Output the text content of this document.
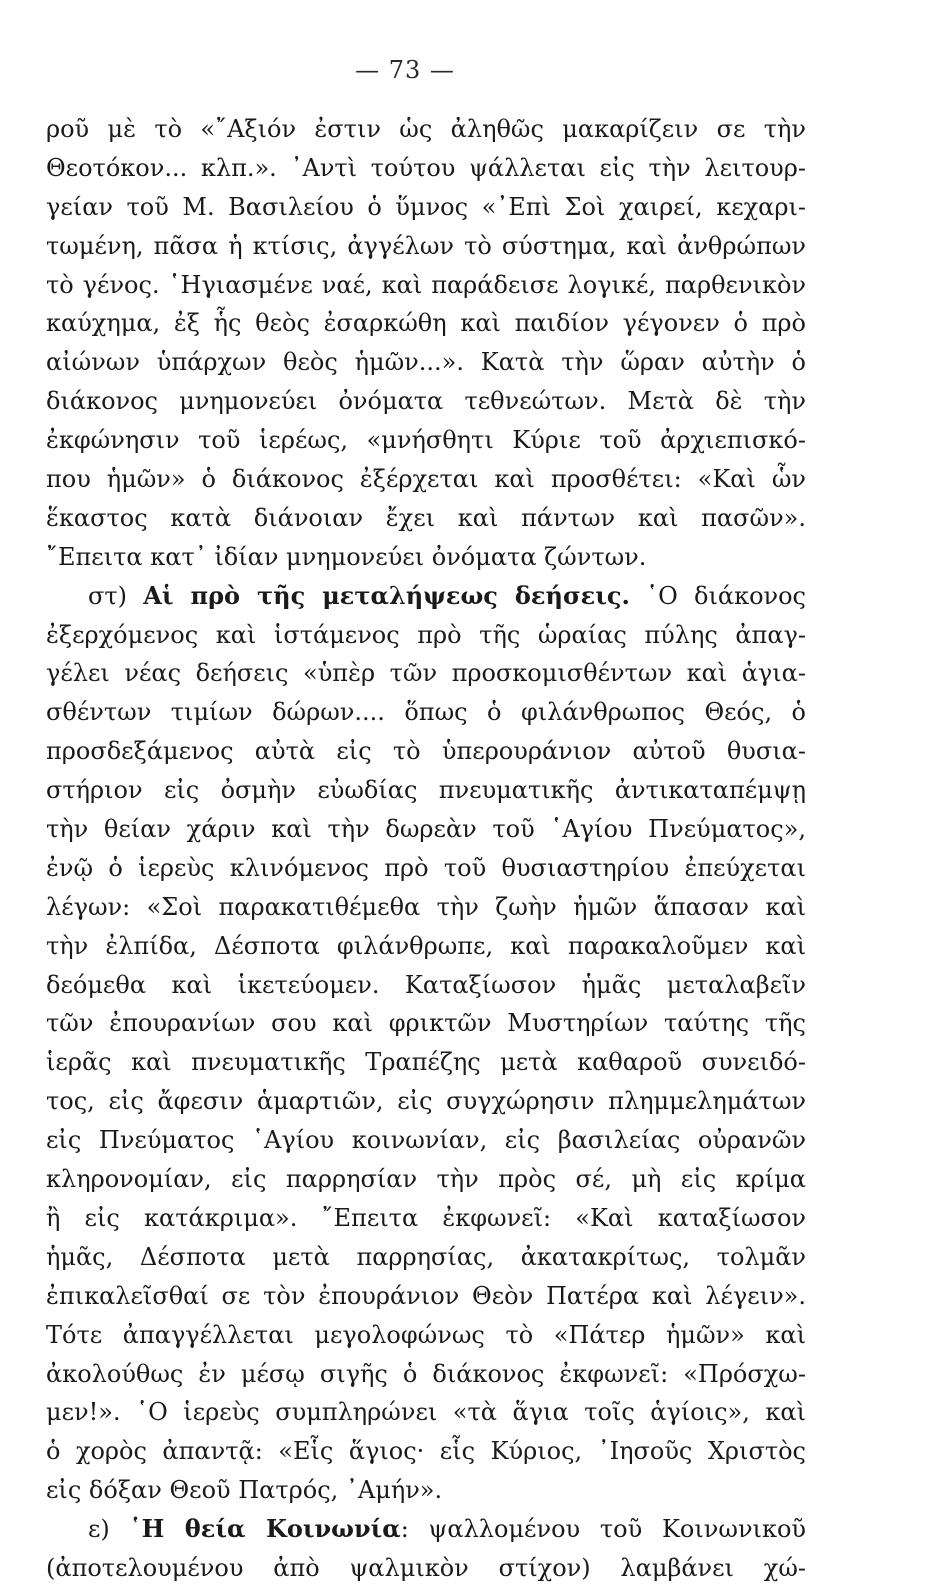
— 73 —
ροῦ μὲ τὸ «῎Αξιόν ἐστιν ὡς ἀληθῶς μακαρίζειν σε τὴν
Θεοτόκον... κλπ.». ᾿Αντὶ τούτου ψάλλεται εἰς τὴν λειτουρ-
γείαν τοῦ Μ. Βασιλείου ὁ ὕμνος «᾿Επὶ Σοὶ χαιρεί, κεχαρι-
τωμένη, πᾶσα ἡ κτίσις, ἀγγέλων τὸ σύστημα, καὶ ἀνθρώπων
τὸ γένος. ῾Ηγιασμένε ναέ, καὶ παράδεισε λογικέ, παρθενικὸν
καύχημα, ἐξ ἧς θεὸς ἐσαρκώθη καὶ παιδίον γέγονεν ὁ πρὸ
αἰώνων ὑπάρχων θεὸς ἡμῶν...». Κατὰ τὴν ὥραν αὐτὴν ὁ
διάκονος μνημονεύει ὀνόματα τεθνεώτων. Μετὰ δὲ τὴν
ἐκφώνησιν τοῦ ἱερέως, «μνήσθητι Κύριε τοῦ ἀρχιεπισκό-
που ἡμῶν» ὁ διάκονος ἐξέρχεται καὶ προσθέτει: «Καὶ ὧν
ἕκαστος κατὰ διάνοιαν ἔχει καὶ πάντων καὶ πασῶν».
῎Επειτα κατ᾿ ἰδίαν μνημονεύει ὀνόματα ζώντων.
στ) Αἱ πρὸ τῆς μεταλήψεως δεήσεις. ῾Ο διάκονος
ἐξερχόμενος καὶ ἱστάμενος πρὸ τῆς ὡραίας πύλης ἀπαγ-
γέλει νέας δεήσεις «ὑπὲρ τῶν προσκομισθέντων καὶ ἁγια-
σθέντων τιμίων δώρων.... ὅπως ὁ φιλάνθρωπος Θεός, ὁ
προσδεξάμενος αὐτὰ εἰς τὸ ὑπερουράνιον αὐτοῦ θυσια-
στήριον εἰς ὀσμὴν εὐωδίας πνευματικῆς ἀντικαταπέμψῃ
τὴν θείαν χάριν καὶ τὴν δωρεὰν τοῦ ῾Αγίου Πνεύματος»,
ἐνῷ ὁ ἱερεὺς κλινόμενος πρὸ τοῦ θυσιαστηρίου ἐπεύχεται
λέγων: «Σοὶ παρακατιθέμεθα τὴν ζωὴν ἡμῶν ἅπασαν καὶ
τὴν ἐλπίδα, Δέσποτα φιλάνθρωπε, καὶ παρακαλοῦμεν καὶ
δεόμεθα καὶ ἱκετεύομεν. Καταξίωσον ἡμᾶς μεταλαβεῖν
τῶν ἐπουρανίων σου καὶ φρικτῶν Μυστηρίων ταύτης τῆς
ἱερᾶς καὶ πνευματικῆς Τραπέζης μετὰ καθαροῦ συνειδό-
τος, εἰς ἄφεσιν ἁμαρτιῶν, εἰς συγχώρησιν πλημμελημάτων
εἰς Πνεύματος ῾Αγίου κοινωνίαν, εἰς βασιλείας οὐρανῶν
κληρονομίαν, εἰς παρρησίαν τὴν πρὸς σέ, μὴ εἰς κρίμα
ἢ εἰς κατάκριμα». ῎Επειτα ἐκφωνεῖ: «Καὶ καταξίωσον
ἡμᾶς, Δέσποτα μετὰ παρρησίας, ἀκατακρίτως, τολμᾶν
ἐπικαλεῖσθαί σε τὸν ἐπουράνιον Θεὸν Πατέρα καὶ λέγειν».
Τότε ἀπαγγέλλεται μεγολοφώνως τὸ «Πάτερ ἡμῶν» καὶ
ἀκολούθως ἐν μέσῳ σιγῆς ὁ διάκονος ἐκφωνεῖ: «Πρόσχω-
μεν!». ῾Ο ἱερεὺς συμπληρώνει «τὰ ἅγια τοῖς ἁγίοις», καὶ
ὁ χορὸς ἀπαντᾷ: «Εἷς ἅγιος· εἷς Κύριος, ᾿Ιησοῦς Χριστὸς
εἰς δόξαν Θεοῦ Πατρός, ᾿Αμήν».
ε) ῾Η θεία Κοινωνία: ψαλλομένου τοῦ Κοινωνικοῦ
(ἀποτελουμένου ἀπὸ ψαλμικὸν στίχον) λαμβάνει χώ-
